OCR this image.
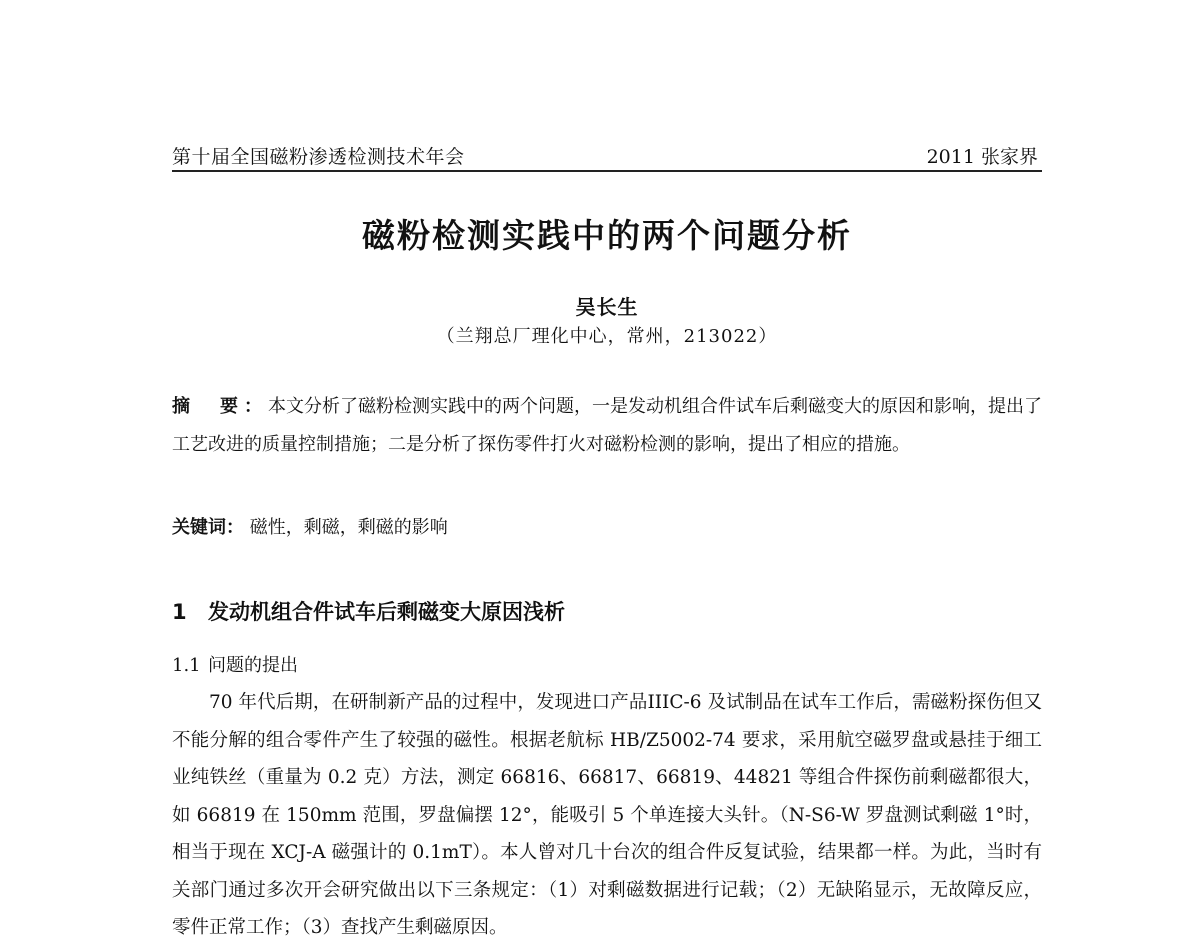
第十届全国磁粉渗透检测技术年会	2011 张家界
磁粉检测实践中的两个问题分析
吴长生
（兰翔总厂理化中心，常州，213022）
摘　要：本文分析了磁粉检测实践中的两个问题，一是发动机组合件试车后剩磁变大的原因和影响，提出了工艺改进的质量控制措施；二是分析了探伤零件打火对磁粉检测的影响，提出了相应的措施。
关键词： 磁性，剩磁，剩磁的影响
1 发动机组合件试车后剩磁变大原因浅析
1.1 问题的提出
70 年代后期，在研制新产品的过程中，发现进口产品IIIC-6 及试制品在试车工作后，需磁粉探伤但又不能分解的组合零件产生了较强的磁性。根据老航标 HB/Z5002-74 要求，采用航空磁罗盘或悬挂于细工业纯铁丝（重量为 0.2 克）方法，测定 66816、66817、66819、44821 等组合件探伤前剩磁都很大，如 66819 在 150mm 范围，罗盘偏摆 12°，能吸引 5 个单连接大头针。（N-S6-W 罗盘测试剩磁 1°时，相当于现在 XCJ-A 磁强计的 0.1mT）。本人曾对几十台次的组合件反复试验，结果都一样。为此，当时有关部门通过多次开会研究做出以下三条规定：（1）对剩磁数据进行记载；（2）无缺陷显示，无故障反应，零件正常工作；（3）查找产生剩磁原因。
